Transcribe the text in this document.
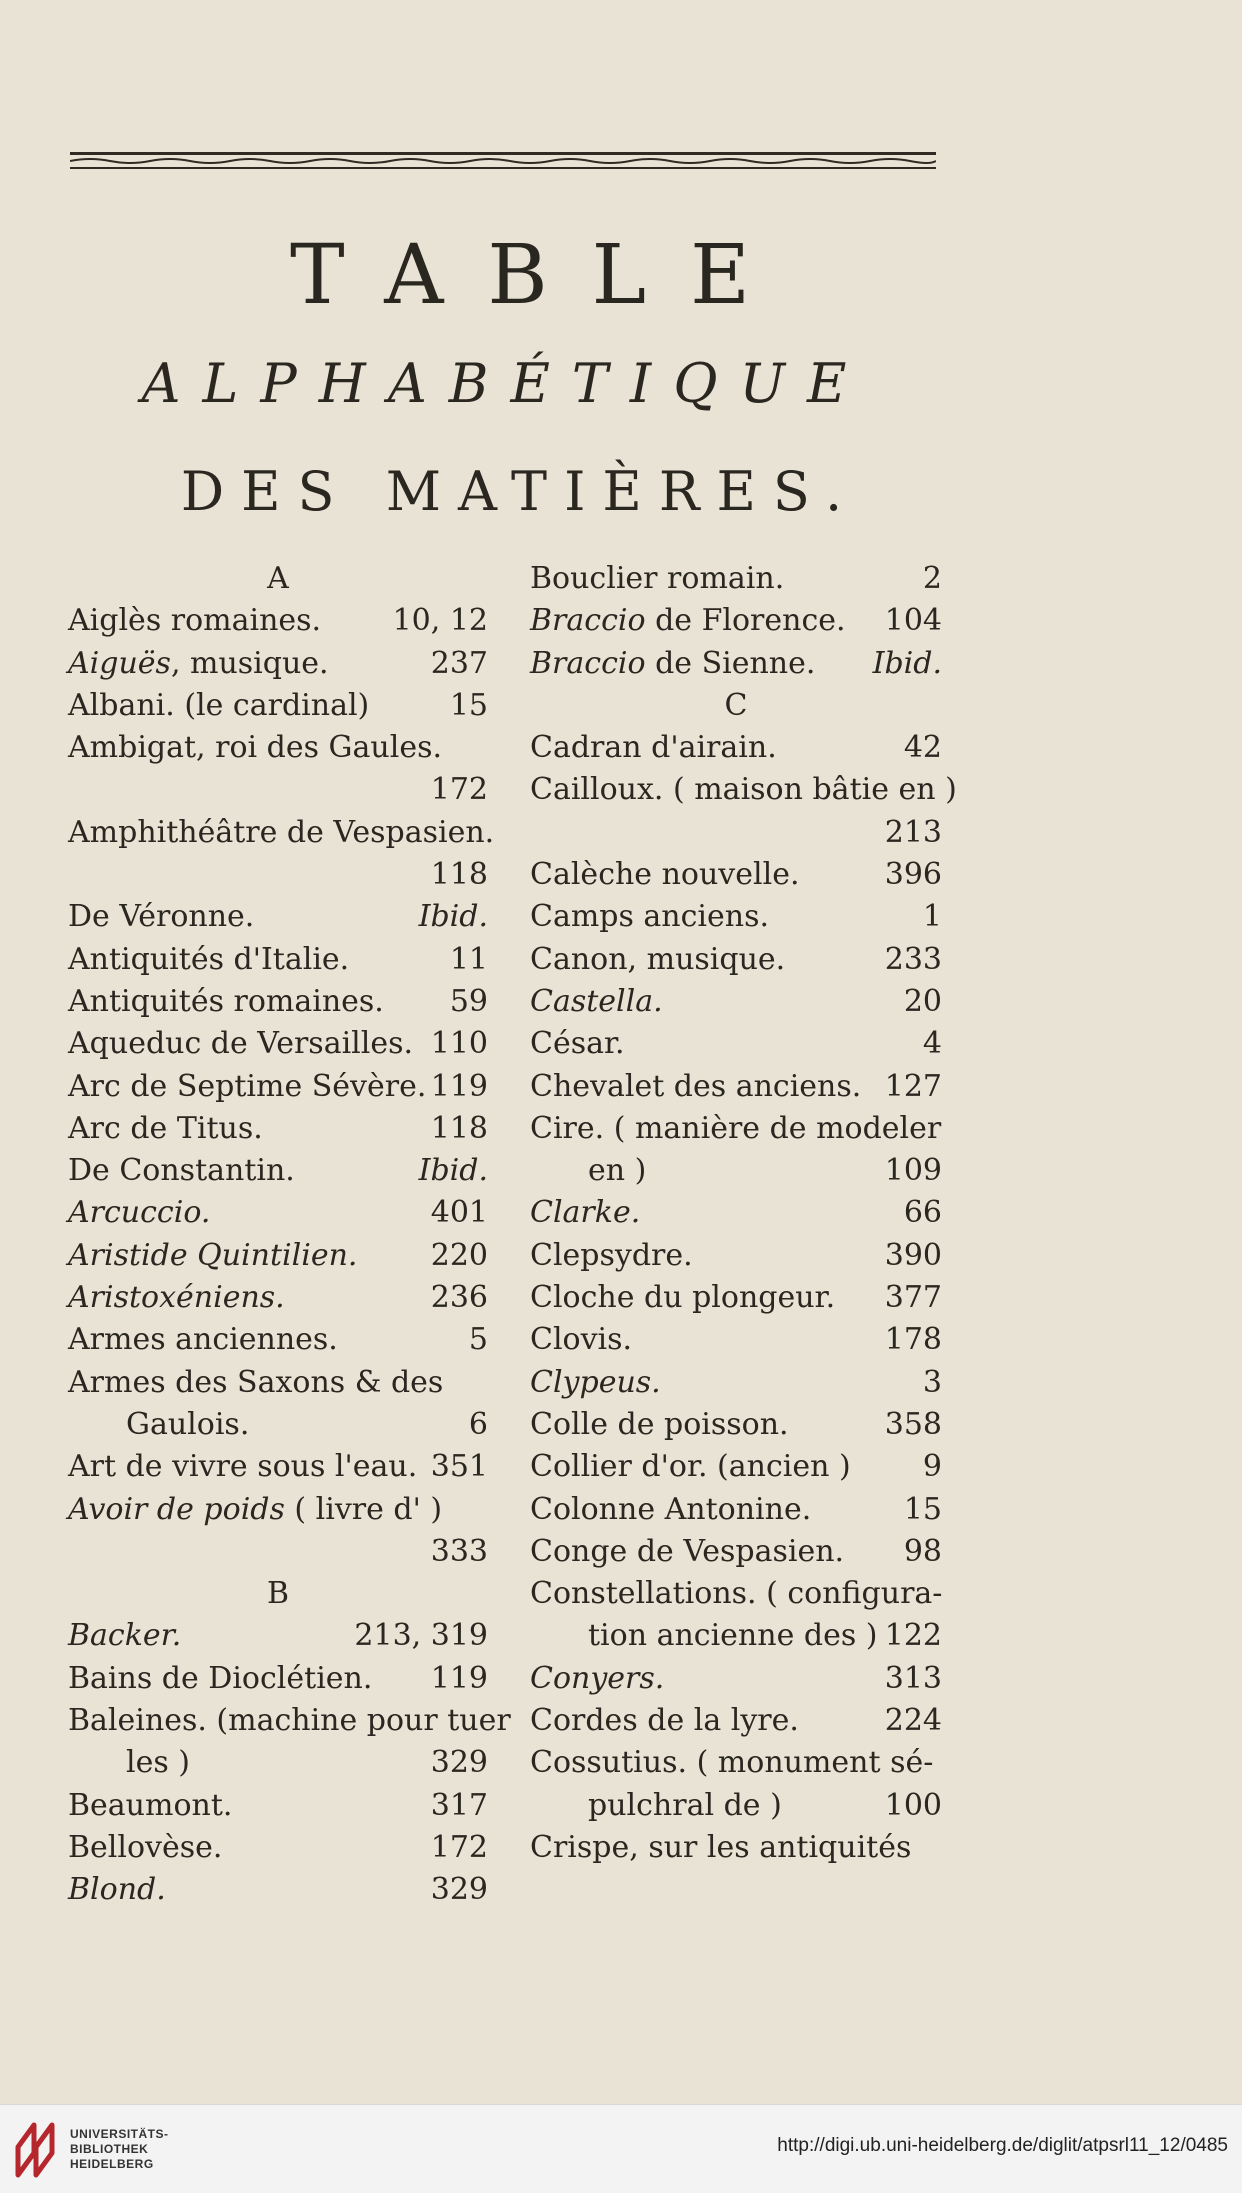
TABLE
ALPHABÉTIQUE
DES MATIÈRES.
A
Aiglès romaines. 10, 12
Aiguës, musique.	237
Albani. (le cardinal)	15
Ambigat, roi des Gaules.
172
Amphithéâtre de Vespasien.
118
De Véronne.	Ibid.
Antiquités d'Italie.	11
Antiquités romaines. 59
Aqueduc de Versailles. 110
Arc de Septime Sévère. 119
Arc de Titus.	118
De Constantin.	Ibid.
Arcuccio.	401
Aristide Quintilien. 220
Aristoxéniens.	236
Armes anciennes.	5
Armes des Saxons & des
Gaulois.	6
Art de vivre sous l'eau. 351
Avoir de poids ( livre d' )
333
B
Backer.	213, 319
Bains de Dioclétien. 119
Baleines. (machine pour tuer
les )	329
Beaumont.	317
Bellovèse.	172
Blond.	329
Bouclier romain.	2
Braccio de Florence. 104
Braccio de Sienne. Ibid.
C
Cadran d'airain.	42
Cailloux. ( maison bâtie en )
213
Calèche nouvelle.	396
Camps anciens.	1
Canon, musique.	233
Castella.	20
César.	4
Chevalet des anciens. 127
Cire. ( manière de modeler
en )	109
Clarke.	66
Clepsydre.	390
Cloche du plongeur. 377
Clovis.	178
Clypeus.	3
Colle de poisson.	358
Collier d'or. (ancien ) 9
Colonne Antonine.	15
Conge de Vespasien. 98
Constellations. ( configura-
tion ancienne des ) 122
Conyers.	313
Cordes de la lyre.	224
Cossutius. ( monument sé-
pulchral de )	100
Crispe, sur les antiquités
UNIVERSITÄTS-
BIBLIOTHEK
HEIDELBERG
http://digi.ub.uni-heidelberg.de/diglit/atpsrl11_12/0485
